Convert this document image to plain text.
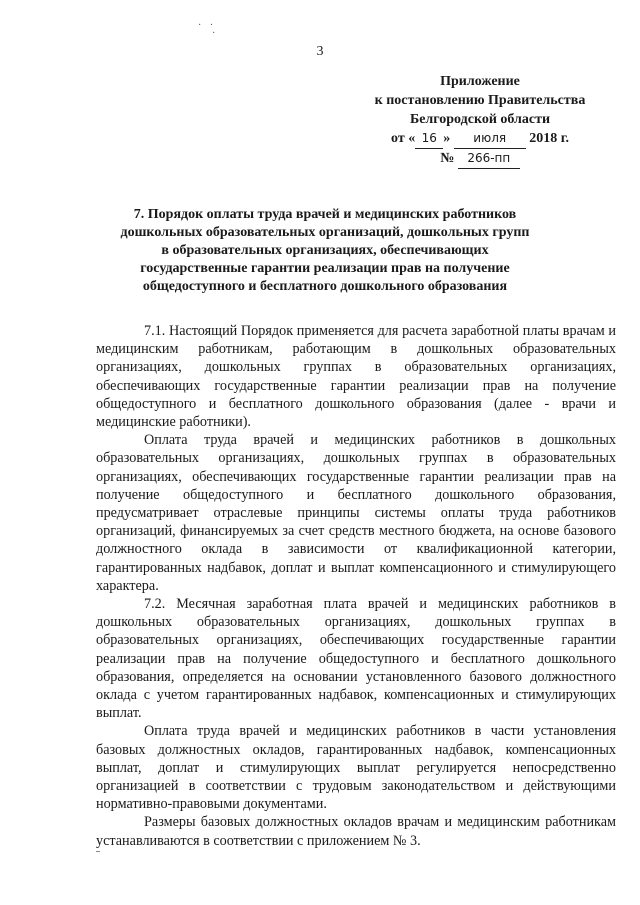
· ·
·
3
Приложение
к постановлению Правительства
Белгородской области
от « 16 » июля 2018 г.
№ 266-пп
7. Порядок оплаты труда врачей и медицинских работников дошкольных образовательных организаций, дошкольных групп в образовательных организациях, обеспечивающих государственные гарантии реализации прав на получение общедоступного и бесплатного дошкольного образования

7.1. Настоящий Порядок применяется для расчета заработной платы врачам и медицинским работникам, работающим в дошкольных образовательных организациях, дошкольных группах в образовательных организациях, обеспечивающих государственные гарантии реализации прав на получение общедоступного и бесплатного дошкольного образования (далее - врачи и медицинские работники).

Оплата труда врачей и медицинских работников в дошкольных образовательных организациях, дошкольных группах в образовательных организациях, обеспечивающих государственные гарантии реализации прав на получение общедоступного и бесплатного дошкольного образования, предусматривает отраслевые принципы системы оплаты труда работников организаций, финансируемых за счет средств местного бюджета, на основе базового должностного оклада в зависимости от квалификационной категории, гарантированных надбавок, доплат и выплат компенсационного и стимулирующего характера.

7.2. Месячная заработная плата врачей и медицинских работников в дошкольных образовательных организациях, дошкольных группах в образовательных организациях, обеспечивающих государственные гарантии реализации прав на получение общедоступного и бесплатного дошкольного образования, определяется на основании установленного базового должностного оклада с учетом гарантированных надбавок, компенсационных и стимулирующих выплат.

Оплата труда врачей и медицинских работников в части установления базовых должностных окладов, гарантированных надбавок, компенсационных выплат, доплат и стимулирующих выплат регулируется непосредственно организацией в соответствии с трудовым законодательством и действующими нормативно-правовыми документами.

Размеры базовых должностных окладов врачам и медицинским работникам устанавливаются в соответствии с приложением № 3.
